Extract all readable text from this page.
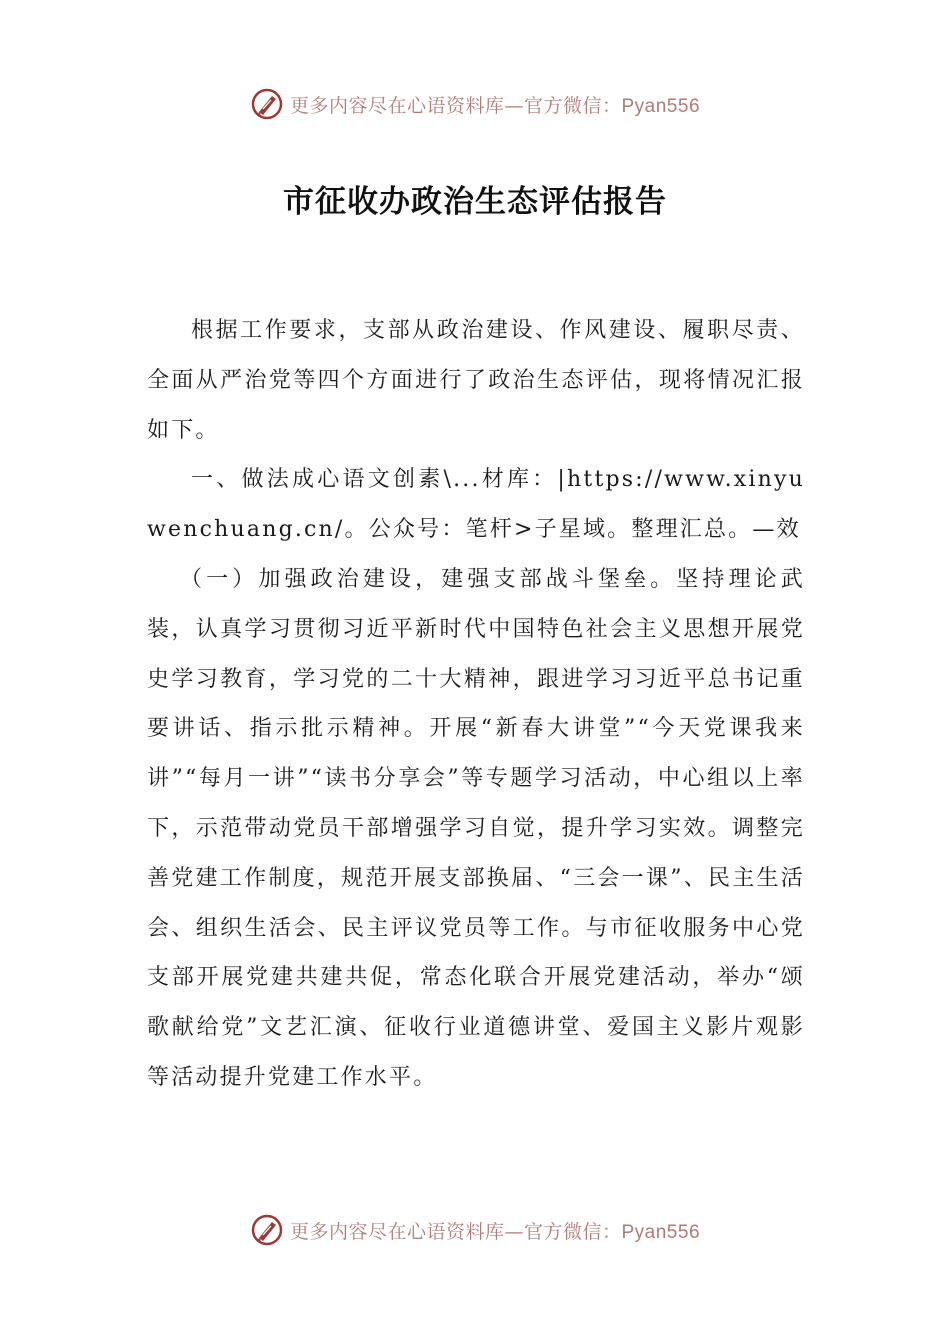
更多内容尽在心语资料库—官方微信：Pyan556
市征收办政治生态评估报告

根据工作要求，支部从政治建设、作风建设、履职尽责、全面从严治党等四个方面进行了政治生态评估，现将情况汇报如下。

一、做法成心语文创素\...材库：|https://www.xinyuwenchuang.cn/。公众号：笔杆>子星域。整理汇总。—效

（一）加强政治建设，建强支部战斗堡垒。坚持理论武装，认真学习贯彻习近平新时代中国特色社会主义思想开展党史学习教育，学习党的二十大精神，跟进学习习近平总书记重要讲话、指示批示精神。开展“新春大讲堂”“今天党课我来讲”“每月一讲”“读书分享会”等专题学习活动，中心组以上率下，示范带动党员干部增强学习自觉，提升学习实效。调整完善党建工作制度，规范开展支部换届、“三会一课”、民主生活会、组织生活会、民主评议党员等工作。与市征收服务中心党支部开展党建共建共促，常态化联合开展党建活动，举办“颂歌献给党”文艺汇演、征收行业道德讲堂、爱国主义影片观影等活动提升党建工作水平。

更多内容尽在心语资料库—官方微信：Pyan556
